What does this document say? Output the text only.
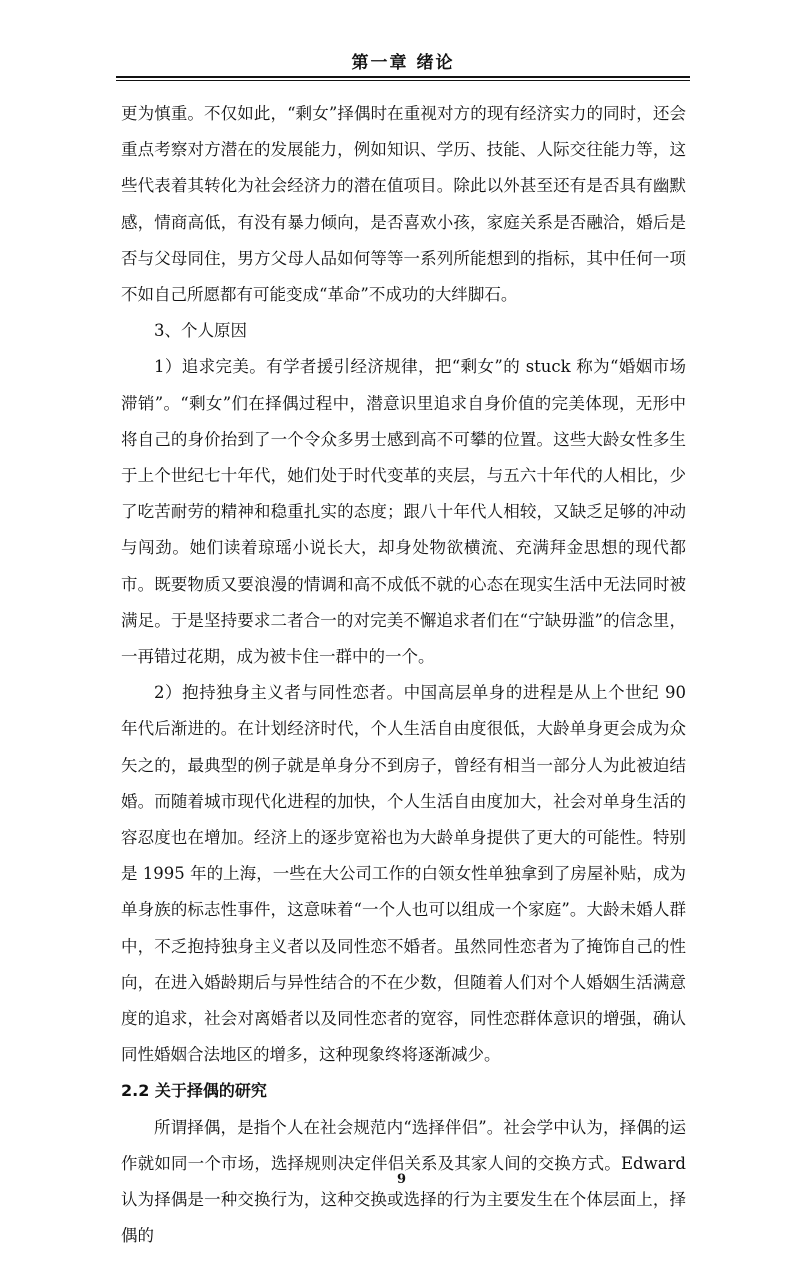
第一章 绪论

更为慎重。不仅如此，“剩女”择偶时在重视对方的现有经济实力的同时，还会重点考察对方潜在的发展能力，例如知识、学历、技能、人际交往能力等，这些代表着其转化为社会经济力的潜在值项目。除此以外甚至还有是否具有幽默感，情商高低，有没有暴力倾向，是否喜欢小孩，家庭关系是否融洽，婚后是否与父母同住，男方父母人品如何等等一系列所能想到的指标，其中任何一项不如自己所愿都有可能变成“革命”不成功的大绊脚石。

3、个人原因

1）追求完美。有学者援引经济规律，把“剩女”的 stuck 称为“婚姻市场滞销”。“剩女”们在择偶过程中，潜意识里追求自身价值的完美体现，无形中将自己的身价抬到了一个令众多男士感到高不可攀的位置。这些大龄女性多生于上个世纪七十年代，她们处于时代变革的夹层，与五六十年代的人相比，少了吃苦耐劳的精神和稳重扎实的态度；跟八十年代人相较，又缺乏足够的冲动与闯劲。她们读着琼瑶小说长大，却身处物欲横流、充满拜金思想的现代都市。既要物质又要浪漫的情调和高不成低不就的心态在现实生活中无法同时被满足。于是坚持要求二者合一的对完美不懈追求者们在“宁缺毋滥”的信念里，一再错过花期，成为被卡住一群中的一个。

2）抱持独身主义者与同性恋者。中国高层单身的进程是从上个世纪 90 年代后渐进的。在计划经济时代，个人生活自由度很低，大龄单身更会成为众矢之的，最典型的例子就是单身分不到房子，曾经有相当一部分人为此被迫结婚。而随着城市现代化进程的加快，个人生活自由度加大，社会对单身生活的容忍度也在增加。经济上的逐步宽裕也为大龄单身提供了更大的可能性。特别是 1995 年的上海，一些在大公司工作的白领女性单独拿到了房屋补贴，成为单身族的标志性事件，这意味着“一个人也可以组成一个家庭”。大龄未婚人群中，不乏抱持独身主义者以及同性恋不婚者。虽然同性恋者为了掩饰自己的性向，在进入婚龄期后与异性结合的不在少数，但随着人们对个人婚姻生活满意度的追求，社会对离婚者以及同性恋者的宽容，同性恋群体意识的增强，确认同性婚姻合法地区的增多，这种现象终将逐渐减少。

2.2 关于择偶的研究

所谓择偶，是指个人在社会规范内“选择伴侣”。社会学中认为，择偶的运作就如同一个市场，选择规则决定伴侣关系及其家人间的交换方式。Edward 认为择偶是一种交换行为，这种交换或选择的行为主要发生在个体层面上，择偶的

9
